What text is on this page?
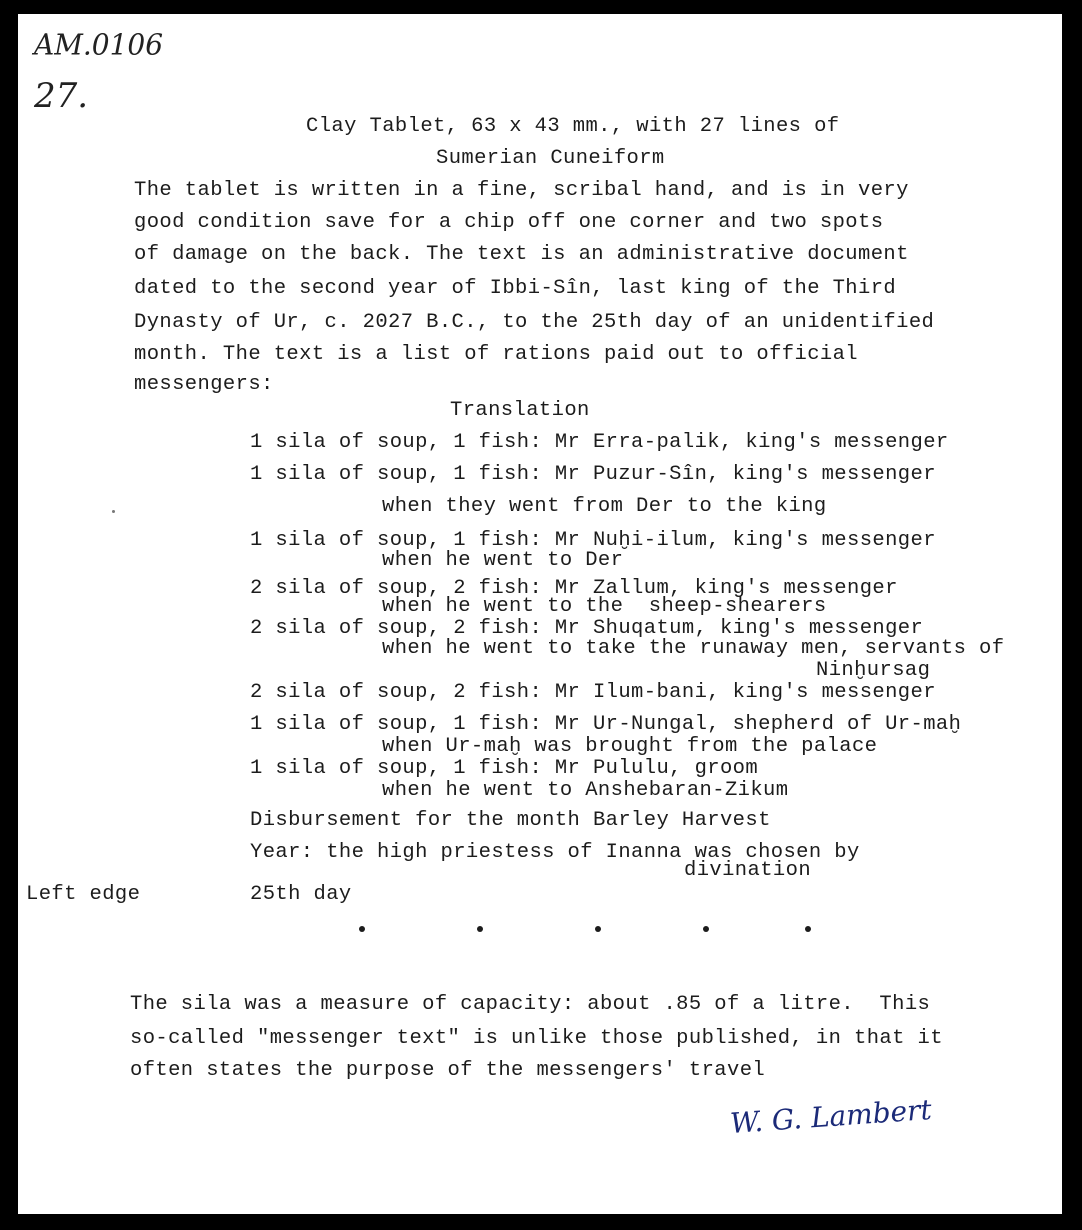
AM.0106
27.
Clay Tablet, 63 x 43 mm., with 27 lines of
Sumerian Cuneiform
The tablet is written in a fine, scribal hand, and is in very
good condition save for a chip off one corner and two spots
of damage on the back. The text is an administrative document
dated to the second year of Ibbi-Sîn, last king of the Third
Dynasty of Ur, c. 2027 B.C., to the 25th day of an unidentified
month. The text is a list of rations paid out to official
messengers:
Translation
1 sila of soup, 1 fish: Mr Erra-palik, king's messenger
1 sila of soup, 1 fish: Mr Puzur-Sîn, king's messenger
when they went from Der to the king
1 sila of soup, 1 fish: Mr Nuḫi-ilum, king's messenger
when he went to Der
2 sila of soup, 2 fish: Mr Zallum, king's messenger
when he went to the  sheep-shearers
2 sila of soup, 2 fish: Mr Shuqatum, king's messenger
when he went to take the runaway men, servants of
Ninḫursag
2 sila of soup, 2 fish: Mr Ilum-bani, king's messenger
1 sila of soup, 1 fish: Mr Ur-Nungal, shepherd of Ur-maḫ
when Ur-maḫ was brought from the palace
1 sila of soup, 1 fish: Mr Pululu, groom
when he went to Anshebaran-Zikum
Disbursement for the month Barley Harvest
Year: the high priestess of Inanna was chosen by
divination
Left edge	25th day
The sila was a measure of capacity: about .85 of a litre.  This
so-called "messenger text" is unlike those published, in that it
often states the purpose of the messengers' travel
W. G. Lambert
